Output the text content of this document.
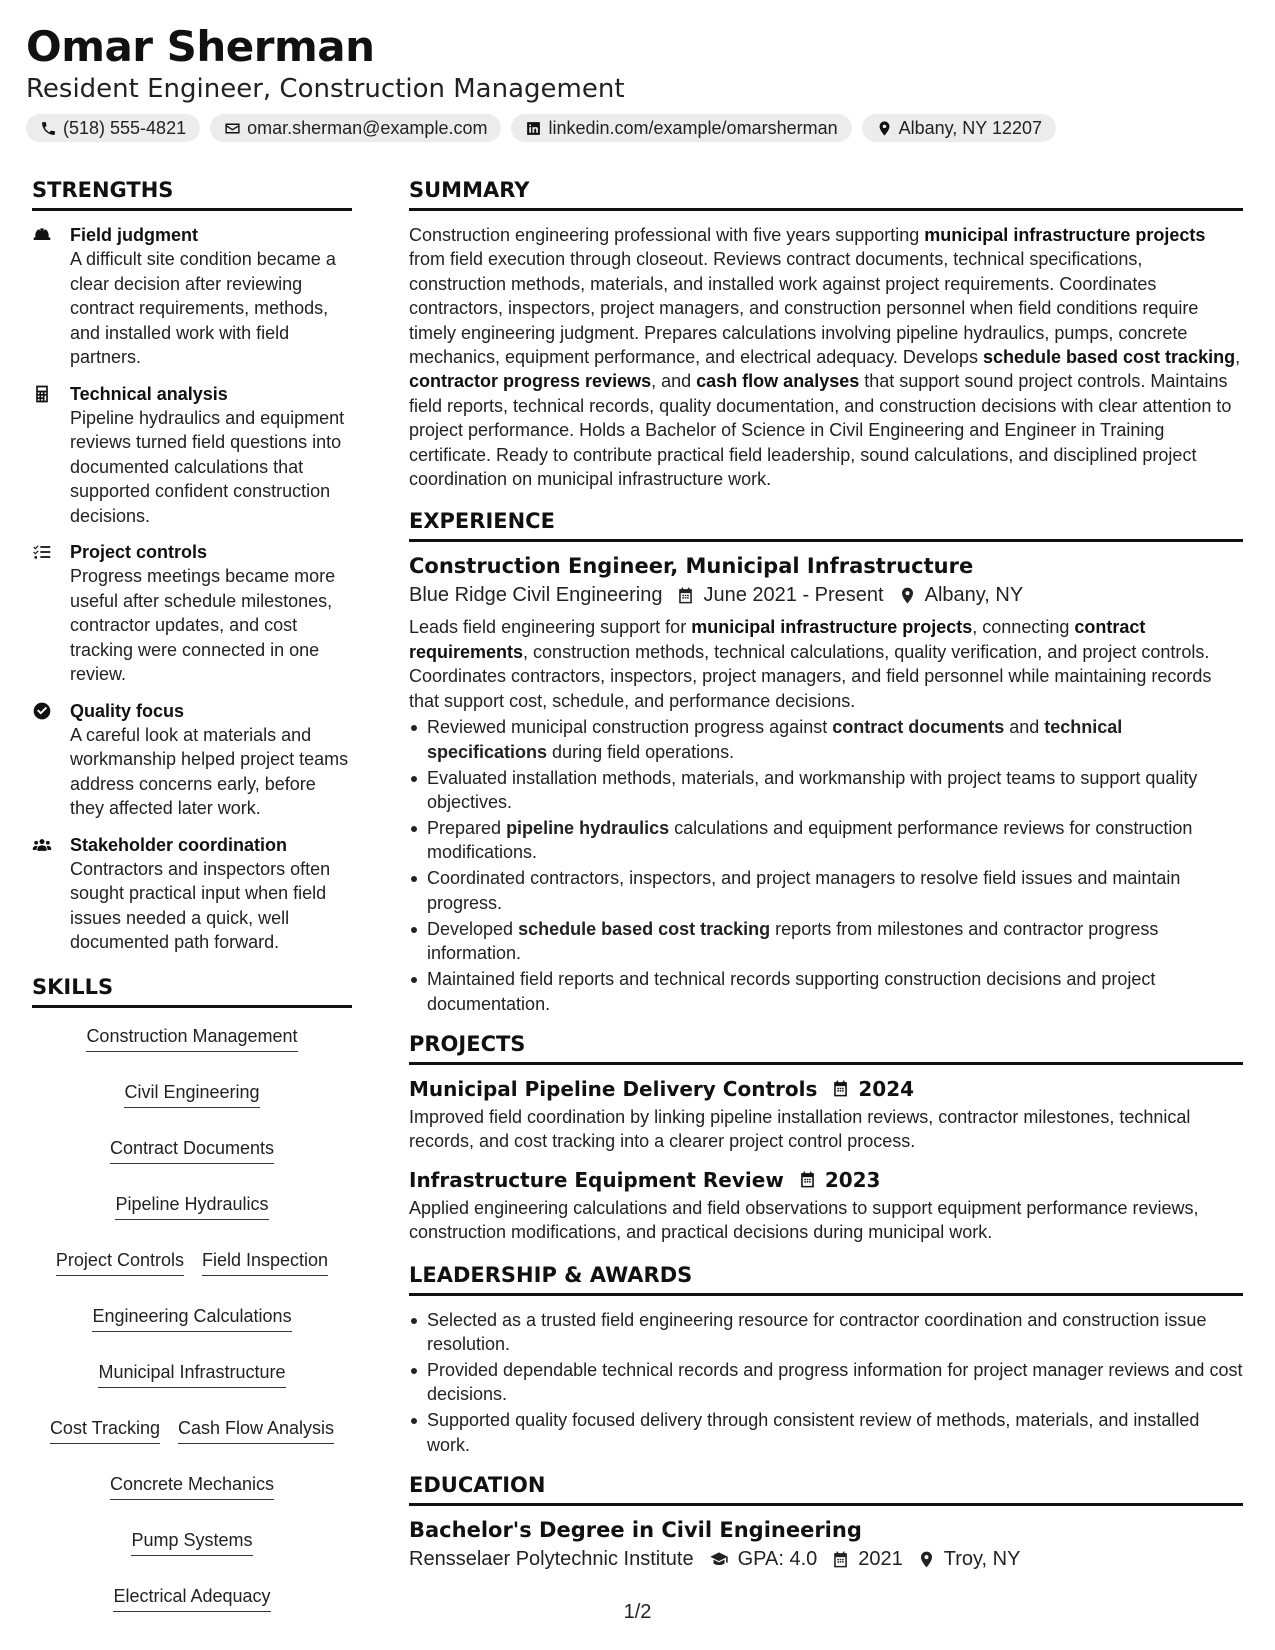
Omar Sherman
Resident Engineer, Construction Management
(518) 555-4821	omar.sherman@example.com	linkedin.com/example/omarsherman	Albany, NY 12207
STRENGTHS
Field judgment
A difficult site condition became a clear decision after reviewing contract requirements, methods, and installed work with field partners.
Technical analysis
Pipeline hydraulics and equipment reviews turned field questions into documented calculations that supported confident construction decisions.
Project controls
Progress meetings became more useful after schedule milestones, contractor updates, and cost tracking were connected in one review.
Quality focus
A careful look at materials and workmanship helped project teams address concerns early, before they affected later work.
Stakeholder coordination
Contractors and inspectors often sought practical input when field issues needed a quick, well documented path forward.
SKILLS
Construction Management
Civil Engineering
Contract Documents
Pipeline Hydraulics
Project Controls Field Inspection
Engineering Calculations
Municipal Infrastructure
Cost Tracking Cash Flow Analysis
Concrete Mechanics
Pump Systems
Electrical Adequacy
SUMMARY

Construction engineering professional with five years supporting municipal infrastructure projects from field execution through closeout. Reviews contract documents, technical specifications, construction methods, materials, and installed work against project requirements. Coordinates contractors, inspectors, project managers, and construction personnel when field conditions require timely engineering judgment. Prepares calculations involving pipeline hydraulics, pumps, concrete mechanics, equipment performance, and electrical adequacy. Develops schedule based cost tracking, contractor progress reviews, and cash flow analyses that support sound project controls. Maintains field reports, technical records, quality documentation, and construction decisions with clear attention to project performance. Holds a Bachelor of Science in Civil Engineering and Engineer in Training certificate. Ready to contribute practical field leadership, sound calculations, and disciplined project coordination on municipal infrastructure work.

EXPERIENCE
Construction Engineer, Municipal Infrastructure
Blue Ridge Civil Engineering June 2021 - Present Albany, NY

Leads field engineering support for municipal infrastructure projects, connecting contract requirements, construction methods, technical calculations, quality verification, and project controls. Coordinates contractors, inspectors, project managers, and field personnel while maintaining records that support cost, schedule, and performance decisions.

Reviewed municipal construction progress against contract documents and technical specifications during field operations.
Evaluated installation methods, materials, and workmanship with project teams to support quality objectives.
Prepared pipeline hydraulics calculations and equipment performance reviews for construction modifications.
Coordinated contractors, inspectors, and project managers to resolve field issues and maintain progress.
Developed schedule based cost tracking reports from milestones and contractor progress information.
Maintained field reports and technical records supporting construction decisions and project documentation.
PROJECTS
Municipal Pipeline Delivery Controls 2024

Improved field coordination by linking pipeline installation reviews, contractor milestones, technical records, and cost tracking into a clearer project control process.

Infrastructure Equipment Review 2023

Applied engineering calculations and field observations to support equipment performance reviews, construction modifications, and practical decisions during municipal work.

LEADERSHIP & AWARDS
Selected as a trusted field engineering resource for contractor coordination and construction issue resolution.
Provided dependable technical records and progress information for project manager reviews and cost decisions.
Supported quality focused delivery through consistent review of methods, materials, and installed work.
EDUCATION
Bachelor's Degree in Civil Engineering
Rensselaer Polytechnic Institute GPA: 4.0 2021 Troy, NY
1/2
